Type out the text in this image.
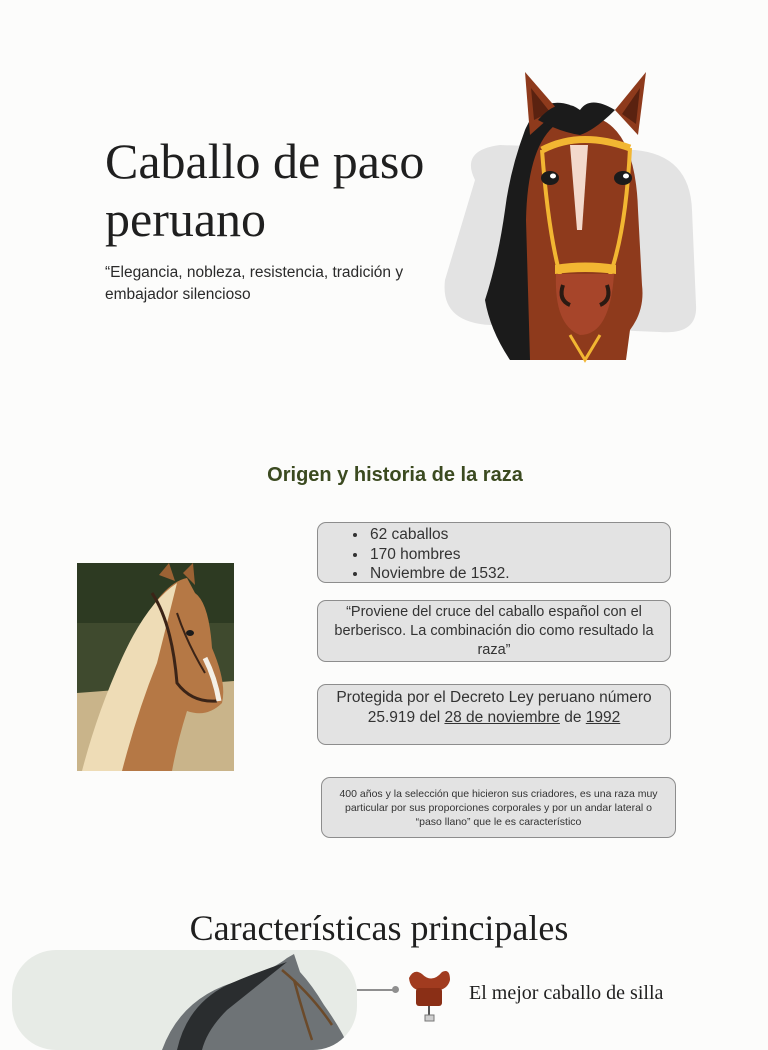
Caballo de paso peruano
“Elegancia, nobleza, resistencia, tradición y embajador silencioso
Origen y historia de la raza
• 62 caballos
• 170 hombres
• Noviembre de 1532.
“Proviene del cruce del caballo español con el berberisco. La combinación dio como resultado la raza”
Protegida por el Decreto Ley peruano número 25.919 del 28 de noviembre de 1992
400 años y la selección que hicieron sus criadores, es una raza muy particular por sus proporciones corporales y por un andar lateral o “paso llano” que le es característico
Características principales
El mejor caballo de silla
